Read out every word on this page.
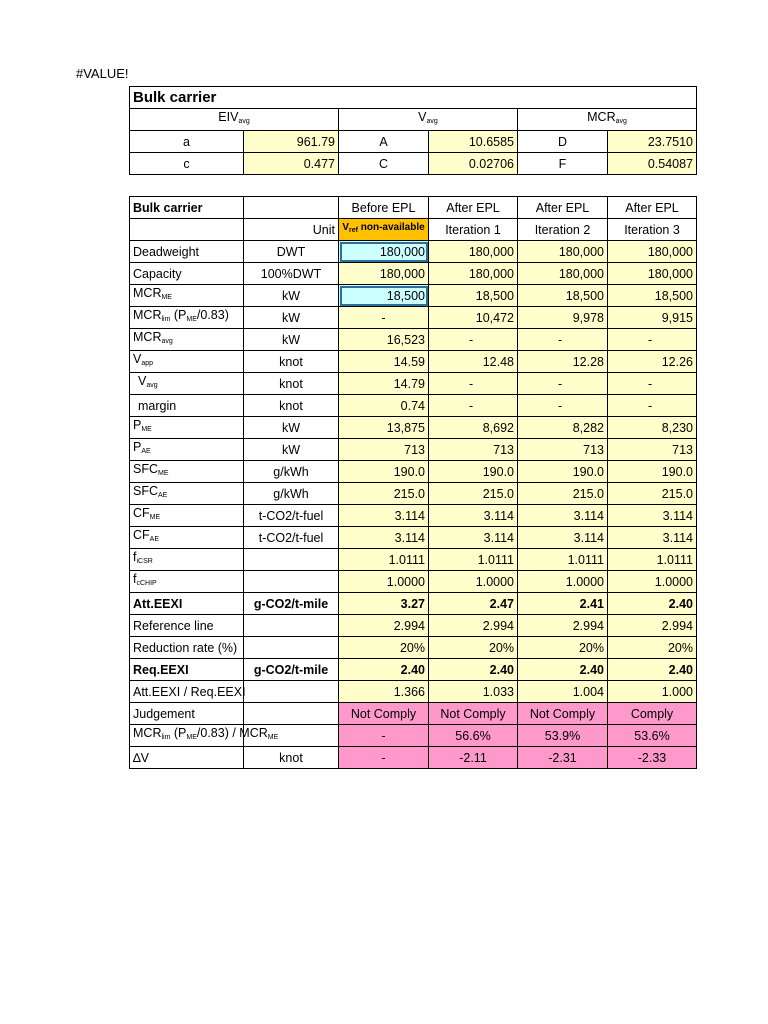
#VALUE!
Bulk carrier					
$EIV_{avg}$		$V_{avg}$		$MCR_{avg}$
a	961.79	A	10.6585	D	23.7510
c	0.477	C	0.02706	F	0.54087
Bulk carrier		Before EPL	After EPL	After EPL	After EPL
	Unit	$V_{ref}$ non-available	Iteration 1	Iteration 2	Iteration 3
Deadweight	DWT	180,000	180,000	180,000	180,000
Capacity	100%DWT	180,000	180,000	180,000	180,000
$MCR_{ME}$	kW	18,500	18,500	18,500	18,500
$MCR_{lim}$ $(P_{ME}/0.83)$	kW	-	10,472	9,978	9,915
$MCR_{avg}$	kW	16,523	-	-	-
$V_{app}$	knot	14.59	12.48	12.28	12.26
$V_{avg}$	knot	14.79	-	-	-
margin	knot	0.74	-	-	-
$P_{ME}$	kW	13,875	8,692	8,282	8,230
$P_{AE}$	kW	713	713	713	713
$SFC_{ME}$	g/kWh	190.0	190.0	190.0	190.0
$SFC_{AE}$	g/kWh	215.0	215.0	215.0	215.0
$CF_{ME}$	t-CO2/t-fuel	3.114	3.114	3.114	3.114
$CF_{AE}$	t-CO2/t-fuel	3.114	3.114	3.114	3.114
$f_{iCSR}$		1.0111	1.0111	1.0111	1.0111
$f_{cCHIP}$		1.0000	1.0000	1.0000	1.0000
Att.EEXI	g-CO2/t-mile	3.27	2.47	2.41	2.40
Reference line		2.994	2.994	2.994	2.994
Reduction rate (%)		20%	20%	20%	20%
Req.EEXI	g-CO2/t-mile	2.40	2.40	2.40	2.40
Att.EEXI / Req.EEXI		1.366	1.033	1.004	1.000
Judgement		Not Comply	Not Comply	Not Comply	Comply
$MCR_{lim}$ $(P_{ME}/0.83) / MCR_{ME}$		-	56.6%	53.9%	53.6%
∆V	knot	-	-2.11	-2.31	-2.33
